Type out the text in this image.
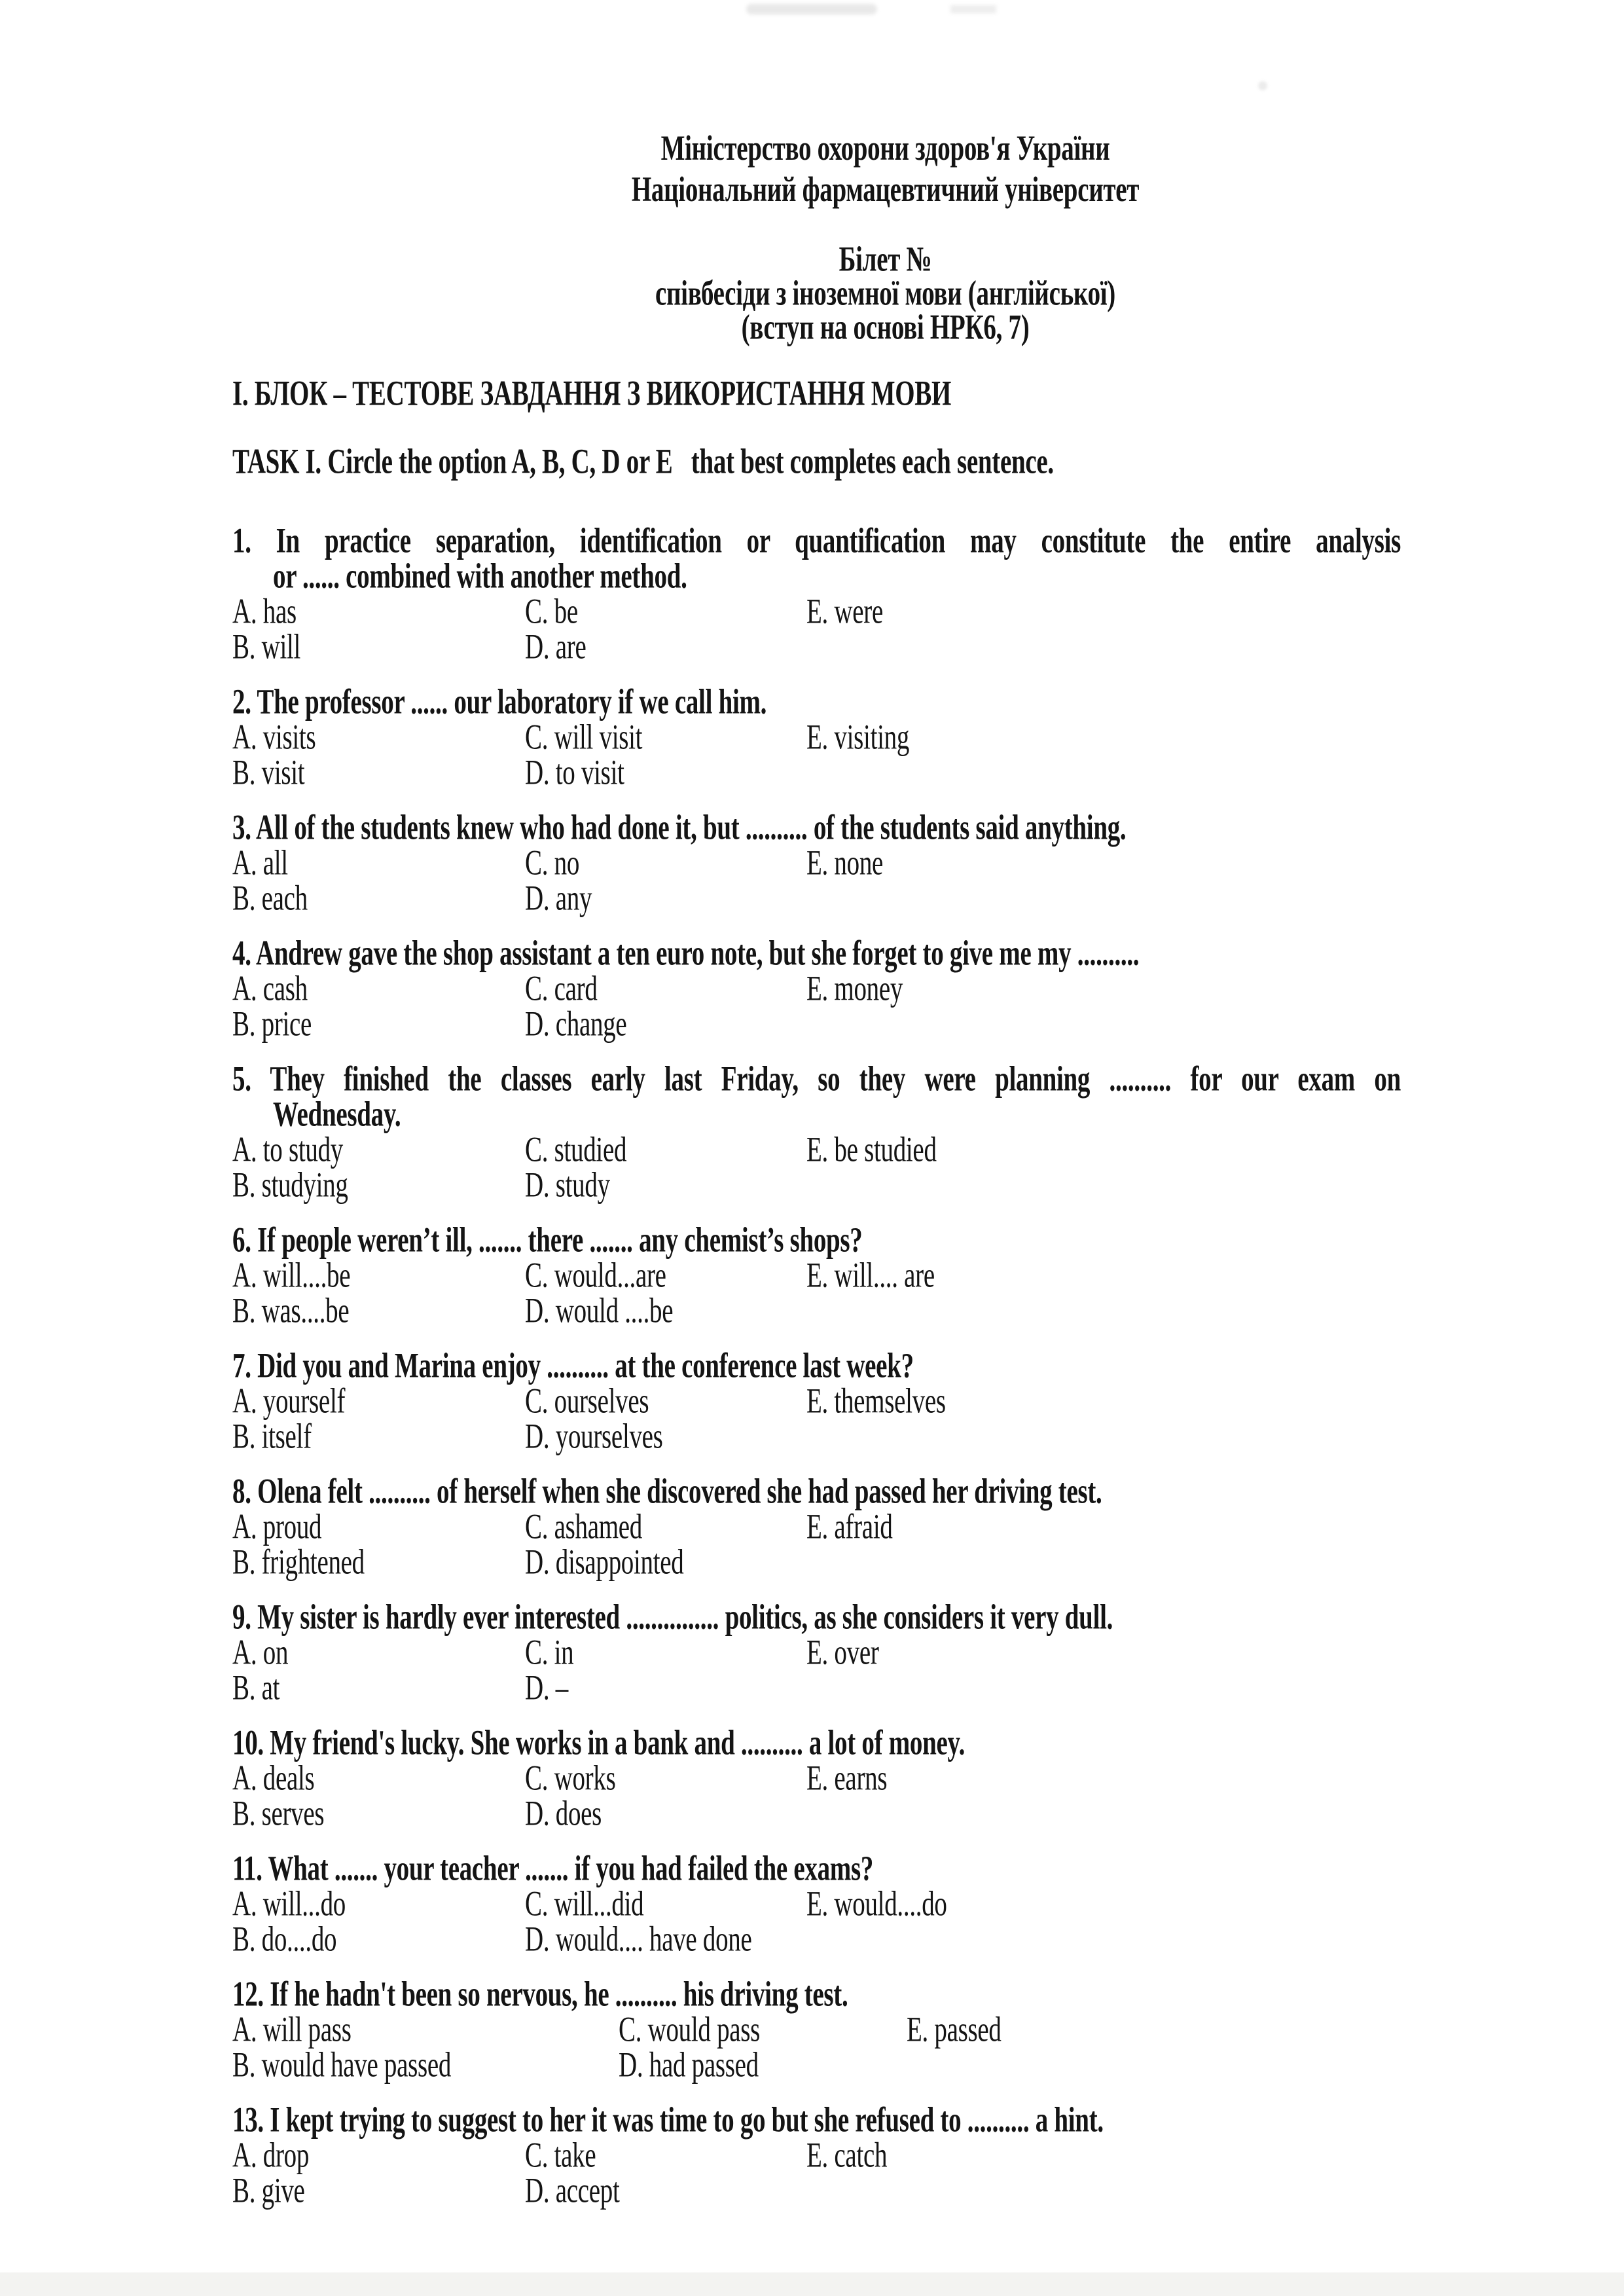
Міністерство охорони здоров'я України
Національний фармацевтичний університет
Білет №
співбесіди з іноземної мови (англійської)
(вступ на основі НРК6, 7)
І. БЛОК – ТЕСТОВЕ ЗАВДАННЯ З ВИКОРИСТАННЯ МОВИ
TASK I. Circle the option A, B, C, D or E   that best completes each sentence.
1. In practice separation, identification or quantification may constitute the entire analysis
or ...... combined with another method.
A. has	C. be	E. were
B. will	D. are
2. The professor ...... our laboratory if we call him.
A. visits	C. will visit	E. visiting
B. visit	D. to visit
3. All of the students knew who had done it, but .......... of the students said anything.
A. all	C. no	E. none
B. each	D. any
4. Andrew gave the shop assistant a ten euro note, but she forget to give me my ..........
A. cash	C. card	E. money
B. price	D. change
5. They finished the classes early last Friday, so they were planning .......... for our exam on
Wednesday.
A. to study	C. studied	E. be studied
B. studying	D. study
6. If people weren’t ill, ....... there ....... any chemist’s shops?
A. will....be	C. would...are	E. will.... are
B. was....be	D. would ....be
7. Did you and Marina enjoy .......... at the conference last week?
A. yourself	C. ourselves	E. themselves
B. itself	D. yourselves
8. Olena felt .......... of herself when she discovered she had passed her driving test.
A. proud	C. ashamed	E. afraid
B. frightened	D. disappointed
9. My sister is hardly ever interested ............... politics, as she considers it very dull.
A. on	C. in	E. over
B. at	D. –
10. My friend's lucky. She works in a bank and .......... a lot of money.
A. deals	C. works	E. earns
B. serves	D. does
11. What ....... your teacher ....... if you had failed the exams?
A. will...do	C. will...did	E. would....do
B. do....do	D. would.... have done
12. If he hadn't been so nervous, he .......... his driving test.
A. will pass	C. would pass	E. passed
B. would have passed	D. had passed
13. I kept trying to suggest to her it was time to go but she refused to .......... a hint.
A. drop	C. take	E. catch
B. give	D. accept
